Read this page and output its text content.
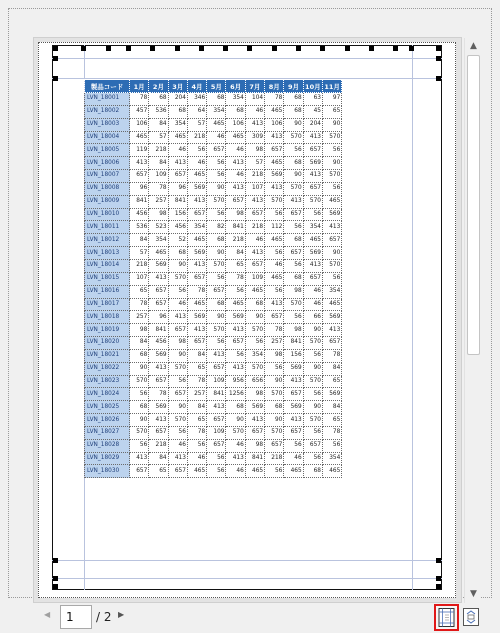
製品コード	1月	2月	3月	4月	5月	6月	7月	8月	9月	10月	11月
LVN_18001	78	68	204	346	68	354	104	78	68	63	97
LVN_18002	457	536	68	64	354	68	46	465	68	45	65
LVN_18003	106	84	354	57	465	106	413	106	90	204	90
LVN_18004	465	57	465	218	46	465	309	413	570	413	570
LVN_18005	119	218	46	56	657	46	98	657	56	657	56
LVN_18006	413	84	413	46	56	413	57	465	68	569	90
LVN_18007	657	109	657	465	56	46	218	569	90	413	570
LVN_18008	96	78	96	569	90	413	107	413	570	657	56
LVN_18009	841	257	841	413	570	657	413	570	413	570	465
LVN_18010	456	98	156	657	56	98	657	56	657	56	569
LVN_18011	536	523	456	354	82	841	218	112	56	354	413
LVN_18012	84	354	52	465	68	218	46	465	68	465	657
LVN_18013	57	465	68	569	90	84	413	56	657	569	90
LVN_18014	218	569	90	413	570	65	657	46	56	413	570
LVN_18015	107	413	570	657	56	78	109	465	68	657	56
LVN_18016	65	657	56	78	657	56	465	56	98	46	354
LVN_18017	78	657	46	465	68	465	68	413	570	46	465
LVN_18018	257	96	413	569	90	569	90	657	56	66	569
LVN_18019	98	841	657	413	570	413	570	78	98	90	413
LVN_18020	84	456	98	657	56	657	56	257	841	570	657
LVN_18021	68	569	90	84	413	56	354	98	156	56	78
LVN_18022	90	413	570	65	657	413	570	56	569	90	84
LVN_18023	570	657	56	78	109	956	656	90	413	570	65
LVN_18024	56	78	657	257	841	1256	98	570	657	56	569
LVN_18025	68	569	90	84	413	68	569	68	569	90	84
LVN_18026	90	413	570	65	657	90	413	90	413	570	65
LVN_18027	570	657	56	78	109	570	657	570	657	56	78
LVN_18028	56	218	46	56	657	46	98	657	56	657	56
LVN_18029	413	84	413	46	56	413	841	218	46	56	354
LVN_18030	657	65	657	465	56	46	465	56	465	68	465
▲
▼
◀	1	/ 2 ▶
